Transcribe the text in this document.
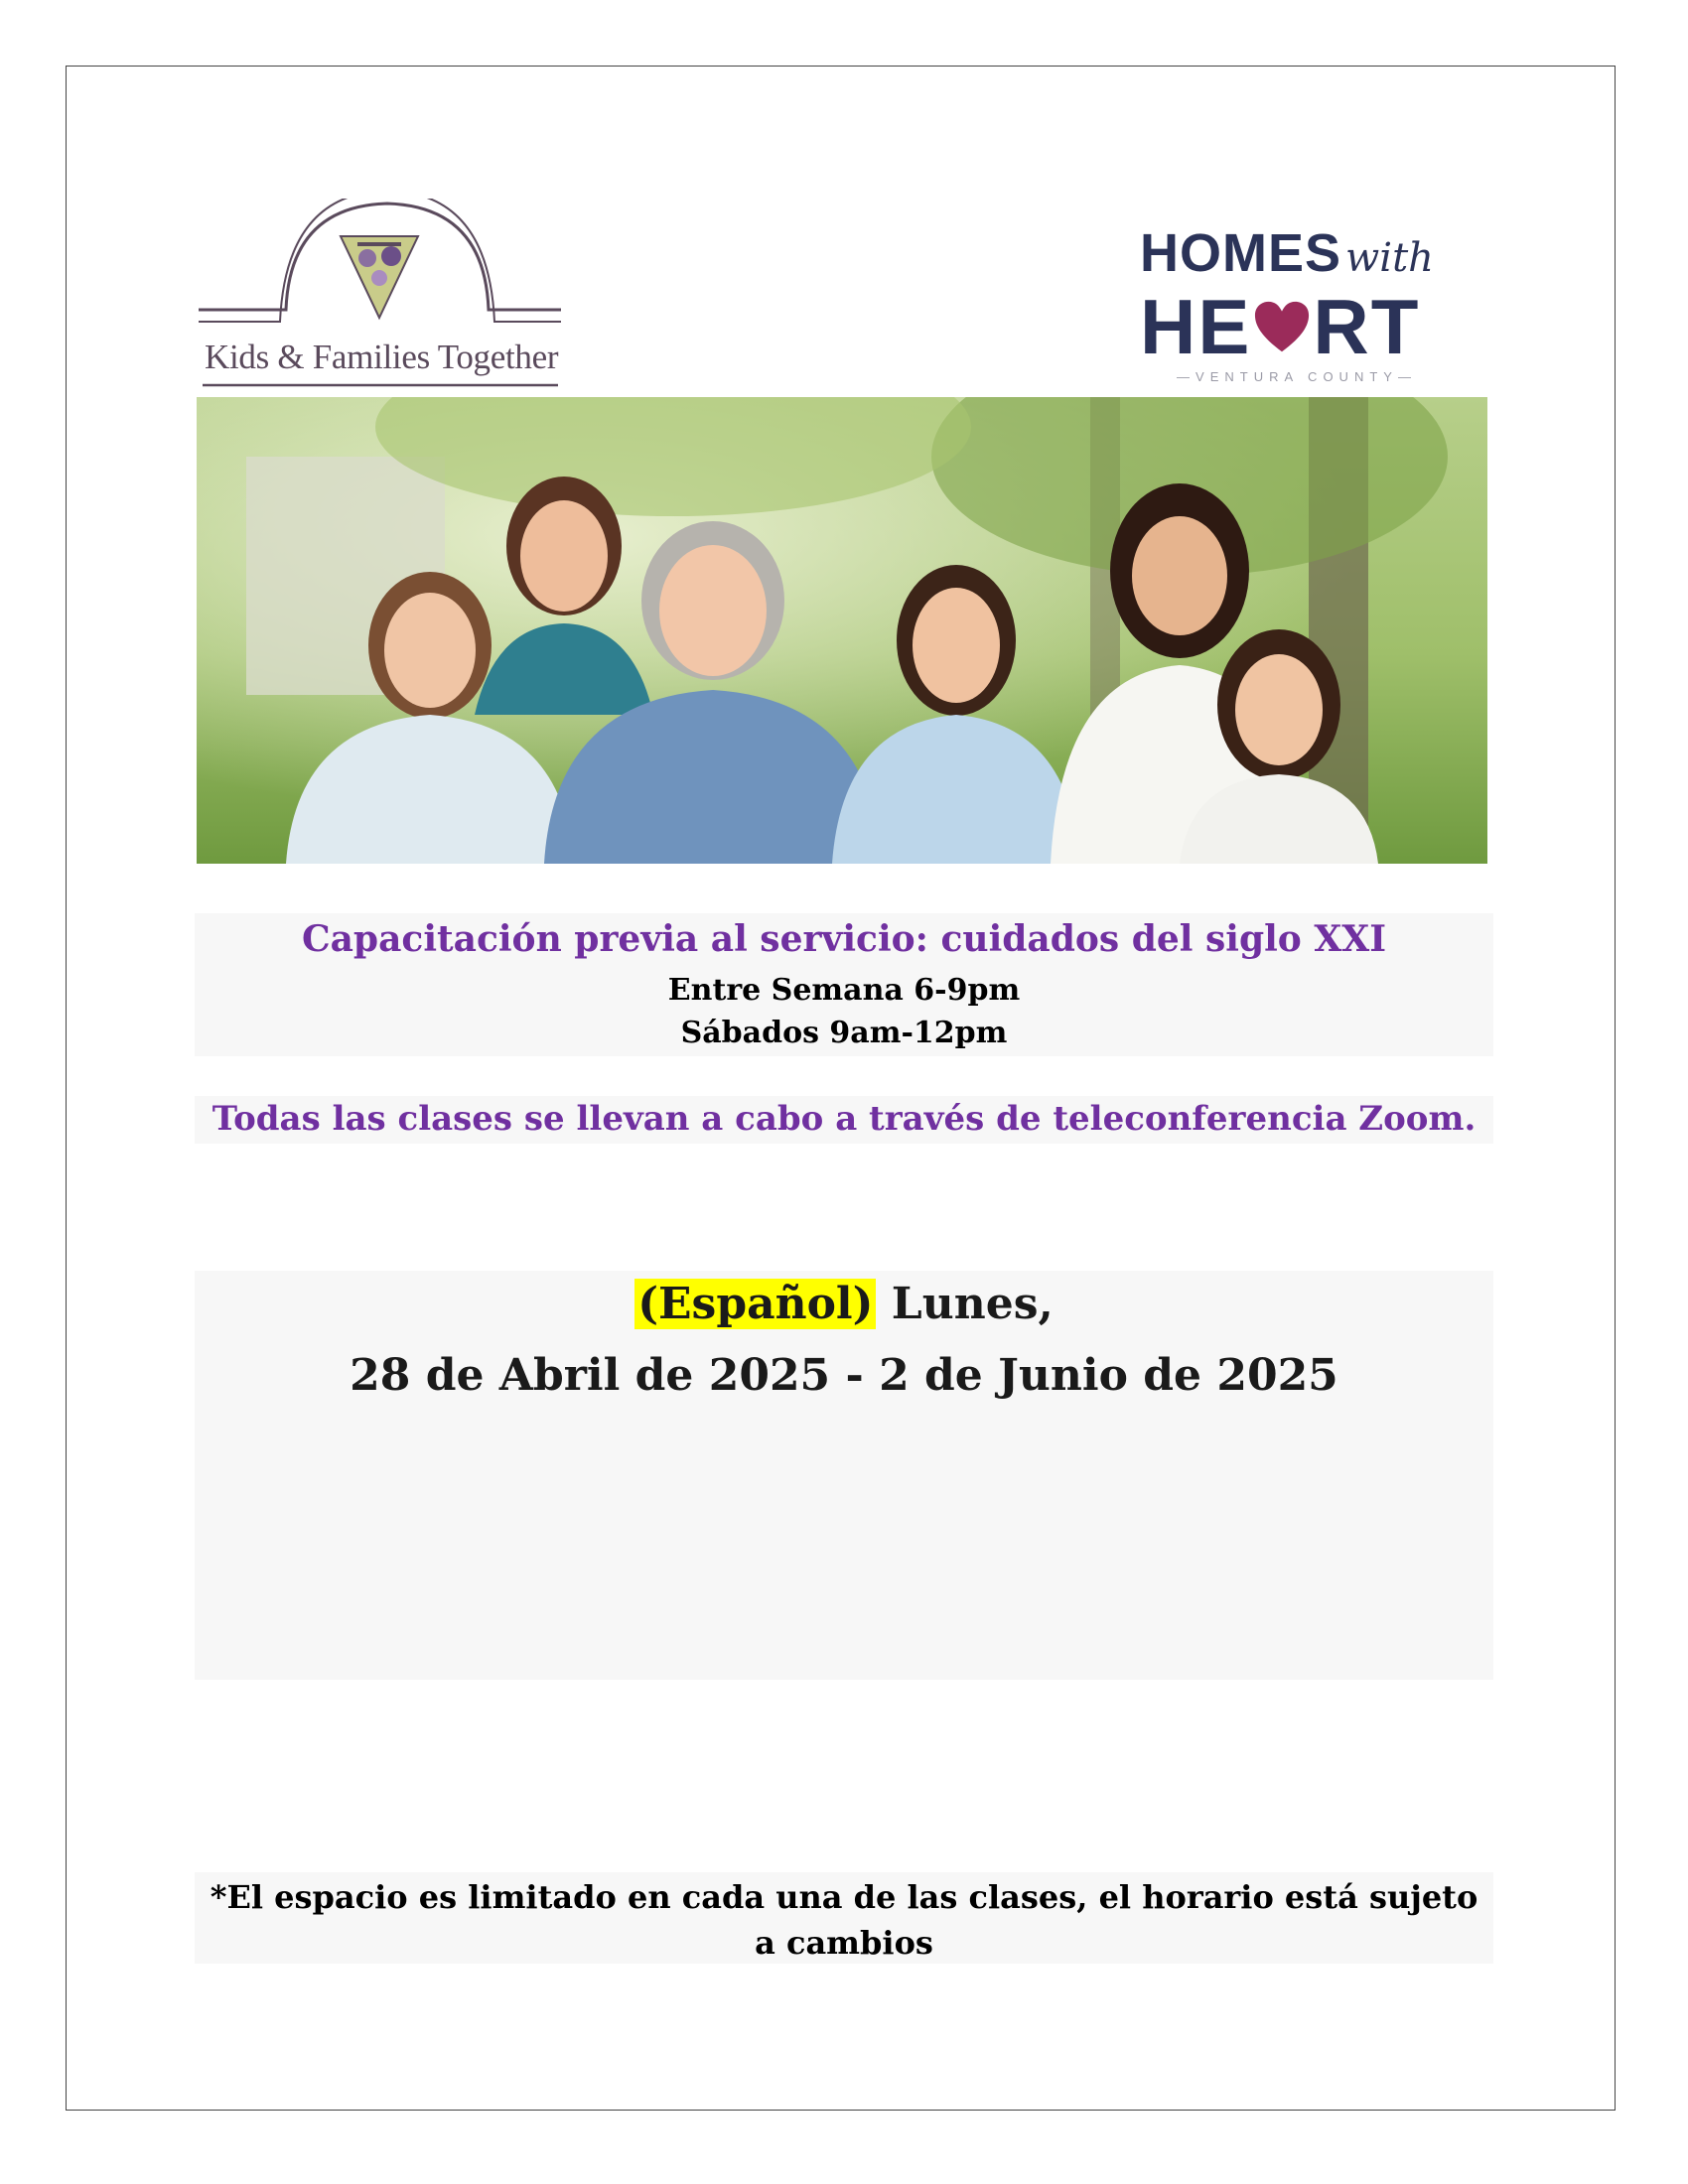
Kids & Families Together
HOMES with
HE RT
—VENTURA COUNTY—
Capacitación previa al servicio: cuidados del siglo XXI
Entre Semana 6-9pm
Sábados 9am-12pm
Todas las clases se llevan a cabo a través de teleconferencia Zoom.
(Español) Lunes,
28 de Abril de 2025 - 2 de Junio de 2025
*El espacio es limitado en cada una de las clases, el horario está sujeto a cambios
